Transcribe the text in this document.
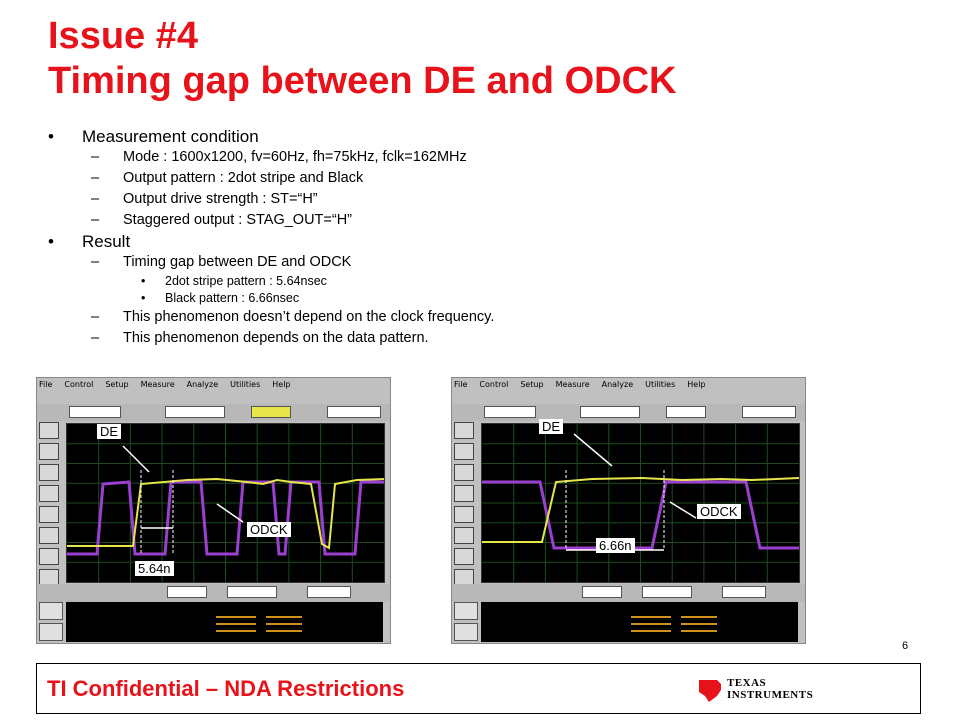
Issue #4
Timing gap between DE and ODCK
• Measurement condition
– Mode : 1600x1200, fv=60Hz, fh=75kHz, fclk=162MHz
– Output pattern : 2dot stripe and Black
– Output drive strength : ST=“H”
– Staggered output : STAG_OUT=“H”
• Result
– Timing gap between DE and ODCK
• 2dot stripe pattern : 5.64nsec
• Black pattern : 6.66nsec
– This phenomenon doesn’t depend on the clock frequency.
– This phenomenon depends on the data pattern.
File Control Setup Measure Analyze Utilities Help
DE
ODCK
5.64n
File Control Setup Measure Analyze Utilities Help
DE
ODCK
6.66n
6
TI Confidential – NDA Restrictions	TEXAS
INSTRUMENTS
